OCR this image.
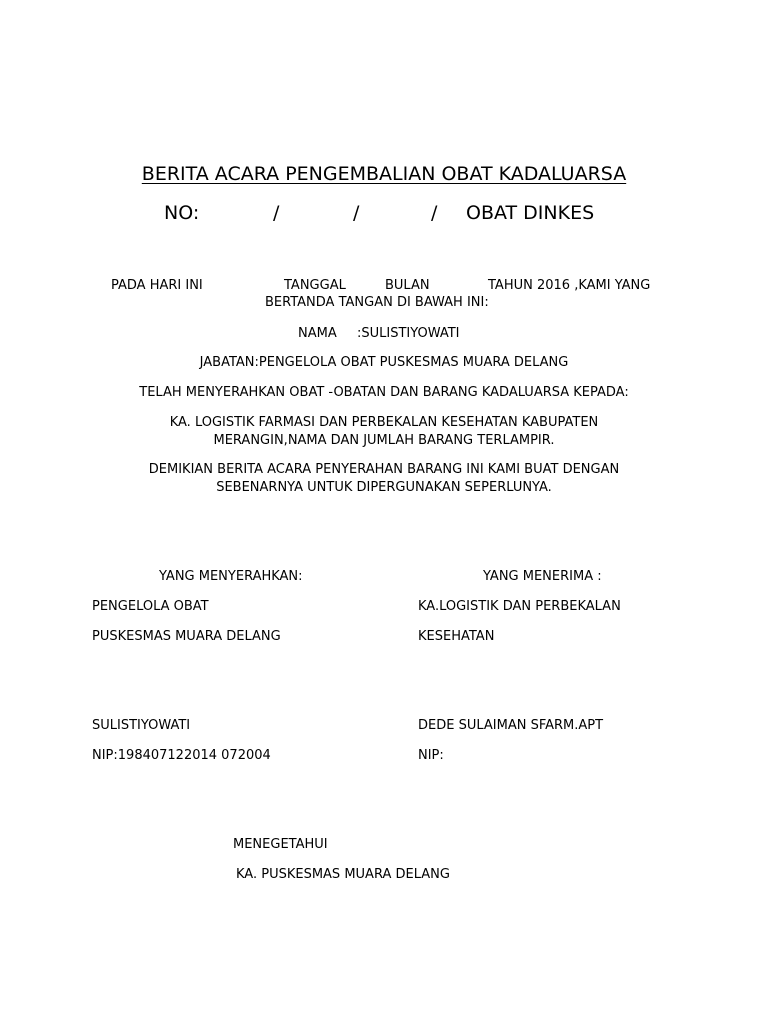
BERITA ACARA PENGEMBALIAN OBAT KADALUARSA
NO:	/	/	/ OBAT DINKES
PADA HARI INI	TANGGAL	BULAN	TAHUN 2016 ,KAMI YANG
BERTANDA TANGAN DI BAWAH INI:
NAMA :SULISTIYOWATI
JABATAN:PENGELOLA OBAT PUSKESMAS MUARA DELANG
TELAH MENYERAHKAN OBAT -OBATAN DAN BARANG KADALUARSA KEPADA:
KA. LOGISTIK FARMASI DAN PERBEKALAN KESEHATAN KABUPATEN
MERANGIN,NAMA DAN JUMLAH BARANG TERLAMPIR.
DEMIKIAN BERITA ACARA PENYERAHAN BARANG INI KAMI BUAT DENGAN
SEBENARNYA UNTUK DIPERGUNAKAN SEPERLUNYA.
YANG MENYERAHKAN:	YANG MENERIMA :
PENGELOLA OBAT	KA.LOGISTIK DAN PERBEKALAN
PUSKESMAS MUARA DELANG	KESEHATAN
SULISTIYOWATI	DEDE SULAIMAN SFARM.APT
NIP:198407122014 072004	NIP:
MENEGETAHUI
KA. PUSKESMAS MUARA DELANG
